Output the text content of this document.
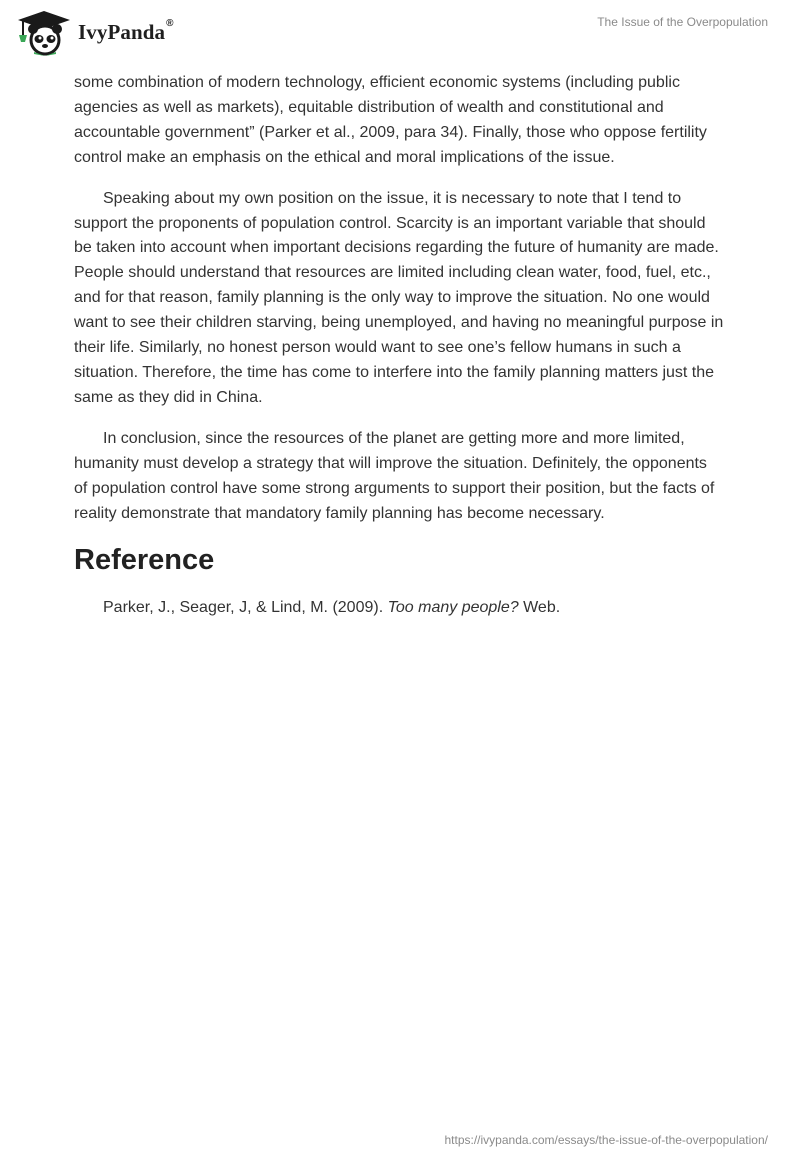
IvyPanda®	The Issue of the Overpopulation

some combination of modern technology, efficient economic systems (including public agencies as well as markets), equitable distribution of wealth and constitutional and accountable government” (Parker et al., 2009, para 34). Finally, those who oppose fertility control make an emphasis on the ethical and moral implications of the issue.

Speaking about my own position on the issue, it is necessary to note that I tend to support the proponents of population control. Scarcity is an important variable that should be taken into account when important decisions regarding the future of humanity are made. People should understand that resources are limited including clean water, food, fuel, etc., and for that reason, family planning is the only way to improve the situation. No one would want to see their children starving, being unemployed, and having no meaningful purpose in their life. Similarly, no honest person would want to see one’s fellow humans in such a situation. Therefore, the time has come to interfere into the family planning matters just the same as they did in China.

In conclusion, since the resources of the planet are getting more and more limited, humanity must develop a strategy that will improve the situation. Definitely, the opponents of population control have some strong arguments to support their position, but the facts of reality demonstrate that mandatory family planning has become necessary.

Reference
Parker, J., Seager, J, & Lind, M. (2009). Too many people? Web.
https://ivypanda.com/essays/the-issue-of-the-overpopulation/
